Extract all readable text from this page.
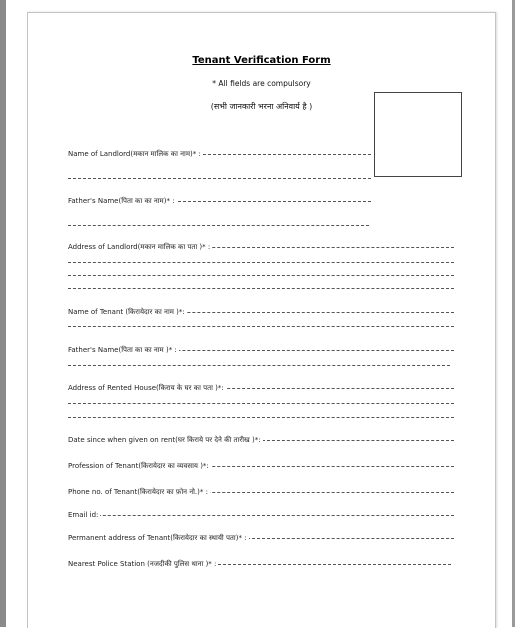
Tenant Verification Form
* All fields are compulsory
(सभी जानकारी भरना अनिवार्य है )
Name of Landlord(मकान मालिक का नाम)* :
Father's Name(पिता का का नाम)* :
Address of Landlord(मकान मालिक का पता )* :
Name of Tenant (किरायेदार का नाम )*:
Father's Name(पिता का का नाम )* :
Address of Rented House(किराय के घर का पता )*:
Date since when given on rent(घर किराये पर देने की तारीख )*:
Profession of Tenant(किरायेदार का व्यवसाय )*:
Phone no. of Tenant(किरायेदार का फ़ोन नो.)* :
Email id:
Permanent address of Tenant(किरायेदार का स्थायी पता)* :
Nearest Police Station (नजदीकी पुलिस थाना )* :
